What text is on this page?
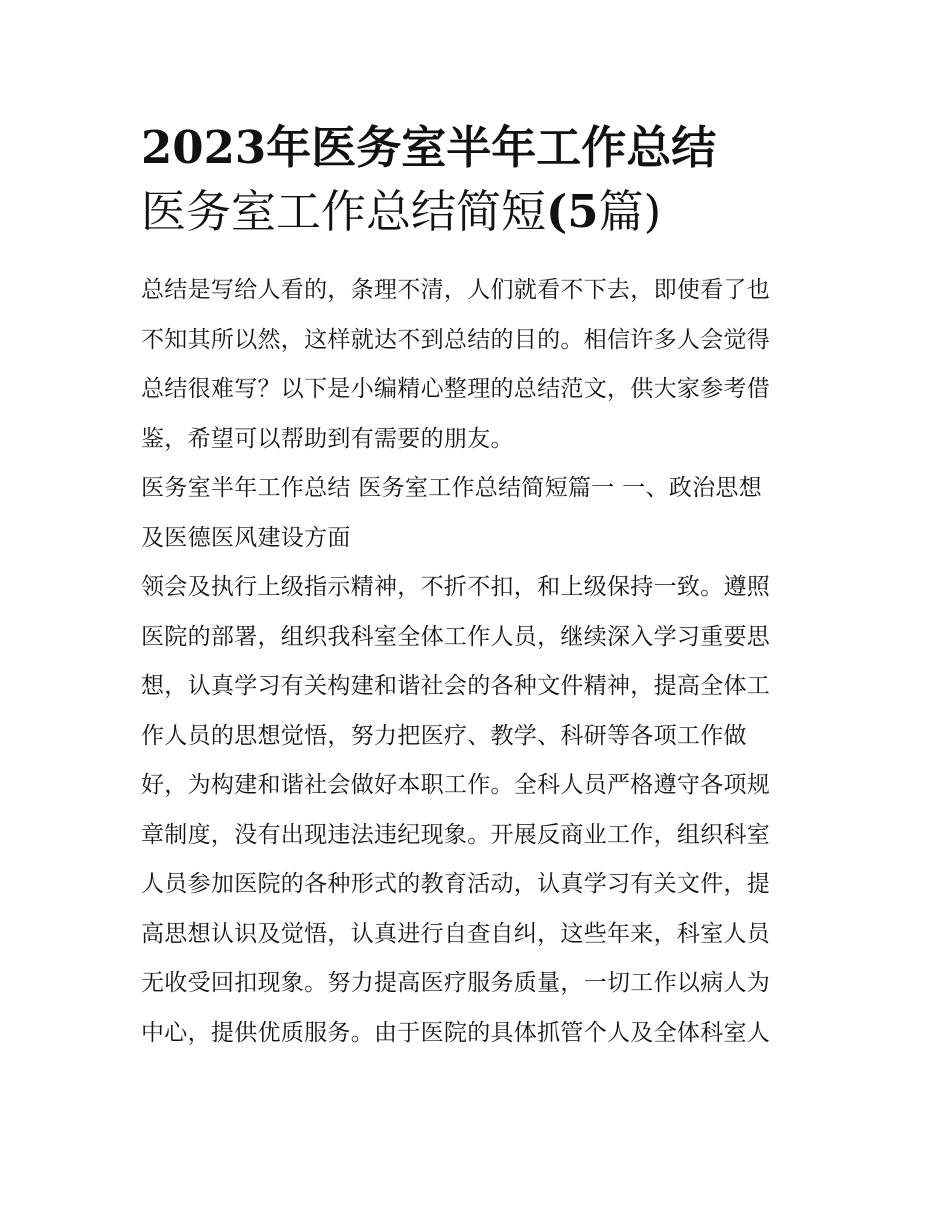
2023年医务室半年工作总结
医务室工作总结简短(5篇)

总结是写给人看的，条理不清，人们就看不下去，即使看了也
不知其所以然，这样就达不到总结的目的。相信许多人会觉得
总结很难写？以下是小编精心整理的总结范文，供大家参考借
鉴，希望可以帮助到有需要的朋友。

医务室半年工作总结 医务室工作总结简短篇一 一、政治思想
及医德医风建设方面

领会及执行上级指示精神，不折不扣，和上级保持一致。遵照
医院的部署，组织我科室全体工作人员，继续深入学习重要思
想，认真学习有关构建和谐社会的各种文件精神，提高全体工
作人员的思想觉悟，努力把医疗、教学、科研等各项工作做
好，为构建和谐社会做好本职工作。全科人员严格遵守各项规
章制度，没有出现违法违纪现象。开展反商业工作，组织科室
人员参加医院的各种形式的教育活动，认真学习有关文件，提
高思想认识及觉悟，认真进行自查自纠，这些年来，科室人员
无收受回扣现象。努力提高医疗服务质量，一切工作以病人为
中心，提供优质服务。由于医院的具体抓管个人及全体科室人
